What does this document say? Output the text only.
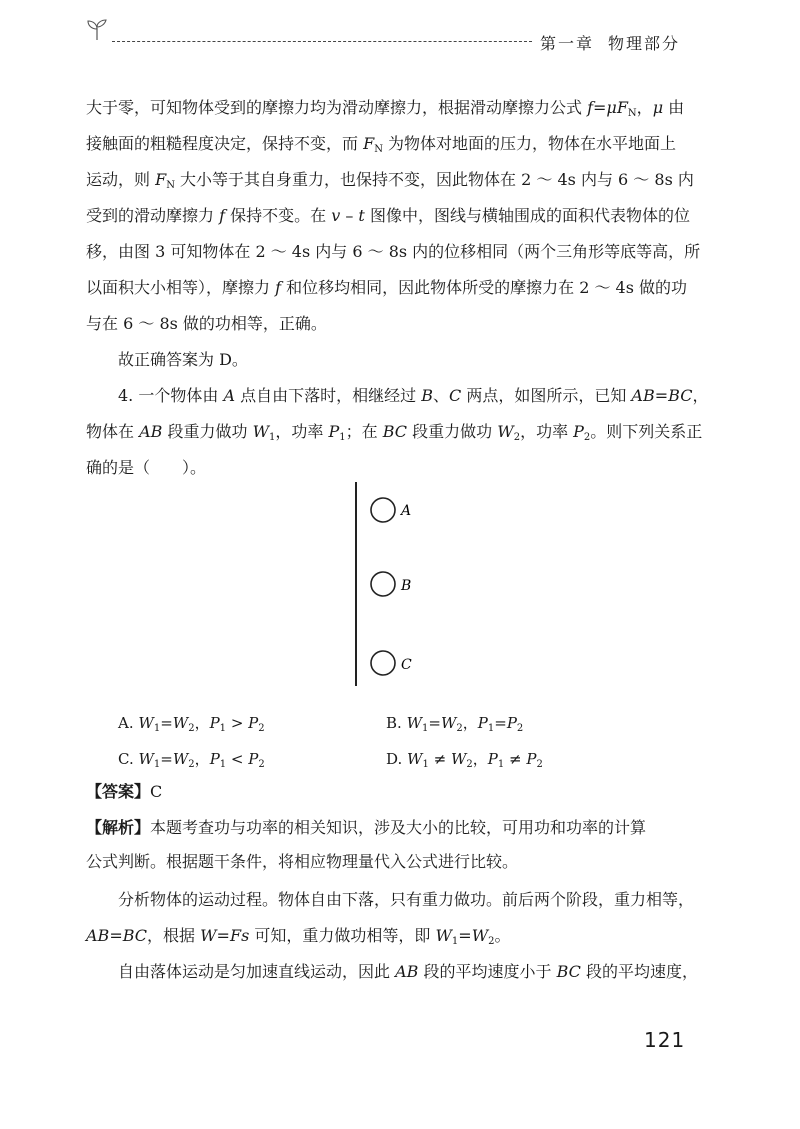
第一章 物理部分
大于零，可知物体受到的摩擦力均为滑动摩擦力，根据滑动摩擦力公式 $f=\mu F_N$，μ 由
接触面的粗糙程度决定，保持不变，而 $F_N$ 为物体对地面的压力，物体在水平地面上
运动，则 $F_N$ 大小等于其自身重力，也保持不变，因此物体在 2 ～ 4s 内与 6 ～ 8s 内
受到的滑动摩擦力 f 保持不变。在 v – t 图像中，图线与横轴围成的面积代表物体的位
移，由图 3 可知物体在 2 ～ 4s 内与 6 ～ 8s 内的位移相同（两个三角形等底等高，所
以面积大小相等），摩擦力 f 和位移均相同，因此物体所受的摩擦力在 2 ～ 4s 做的功
与在 6 ～ 8s 做的功相等，正确。
故正确答案为 D。
4. 一个物体由 A 点自由下落时，相继经过 B、C 两点，如图所示，已知 AB=BC，
物体在 AB 段重力做功 $W_1$，功率 $P_1$；在 BC 段重力做功 $W_2$，功率 $P_2$。则下列关系正
确的是（　　）。
A
B
C
A. $W_1=W_2$，$P_1 > P_2$	B. $W_1=W_2$，$P_1=P_2$
C. $W_1=W_2$，$P_1 < P_2$	D. $W_1 \ne W_2$，$P_1 \ne P_2$
【答案】C
【解析】本题考查功与功率的相关知识，涉及大小的比较，可用功和功率的计算
公式判断。根据题干条件，将相应物理量代入公式进行比较。
分析物体的运动过程。物体自由下落，只有重力做功。前后两个阶段，重力相等，
AB=BC，根据 W=Fs 可知，重力做功相等，即 $W_1=W_2$。
自由落体运动是匀加速直线运动，因此 AB 段的平均速度小于 BC 段的平均速度，
121
